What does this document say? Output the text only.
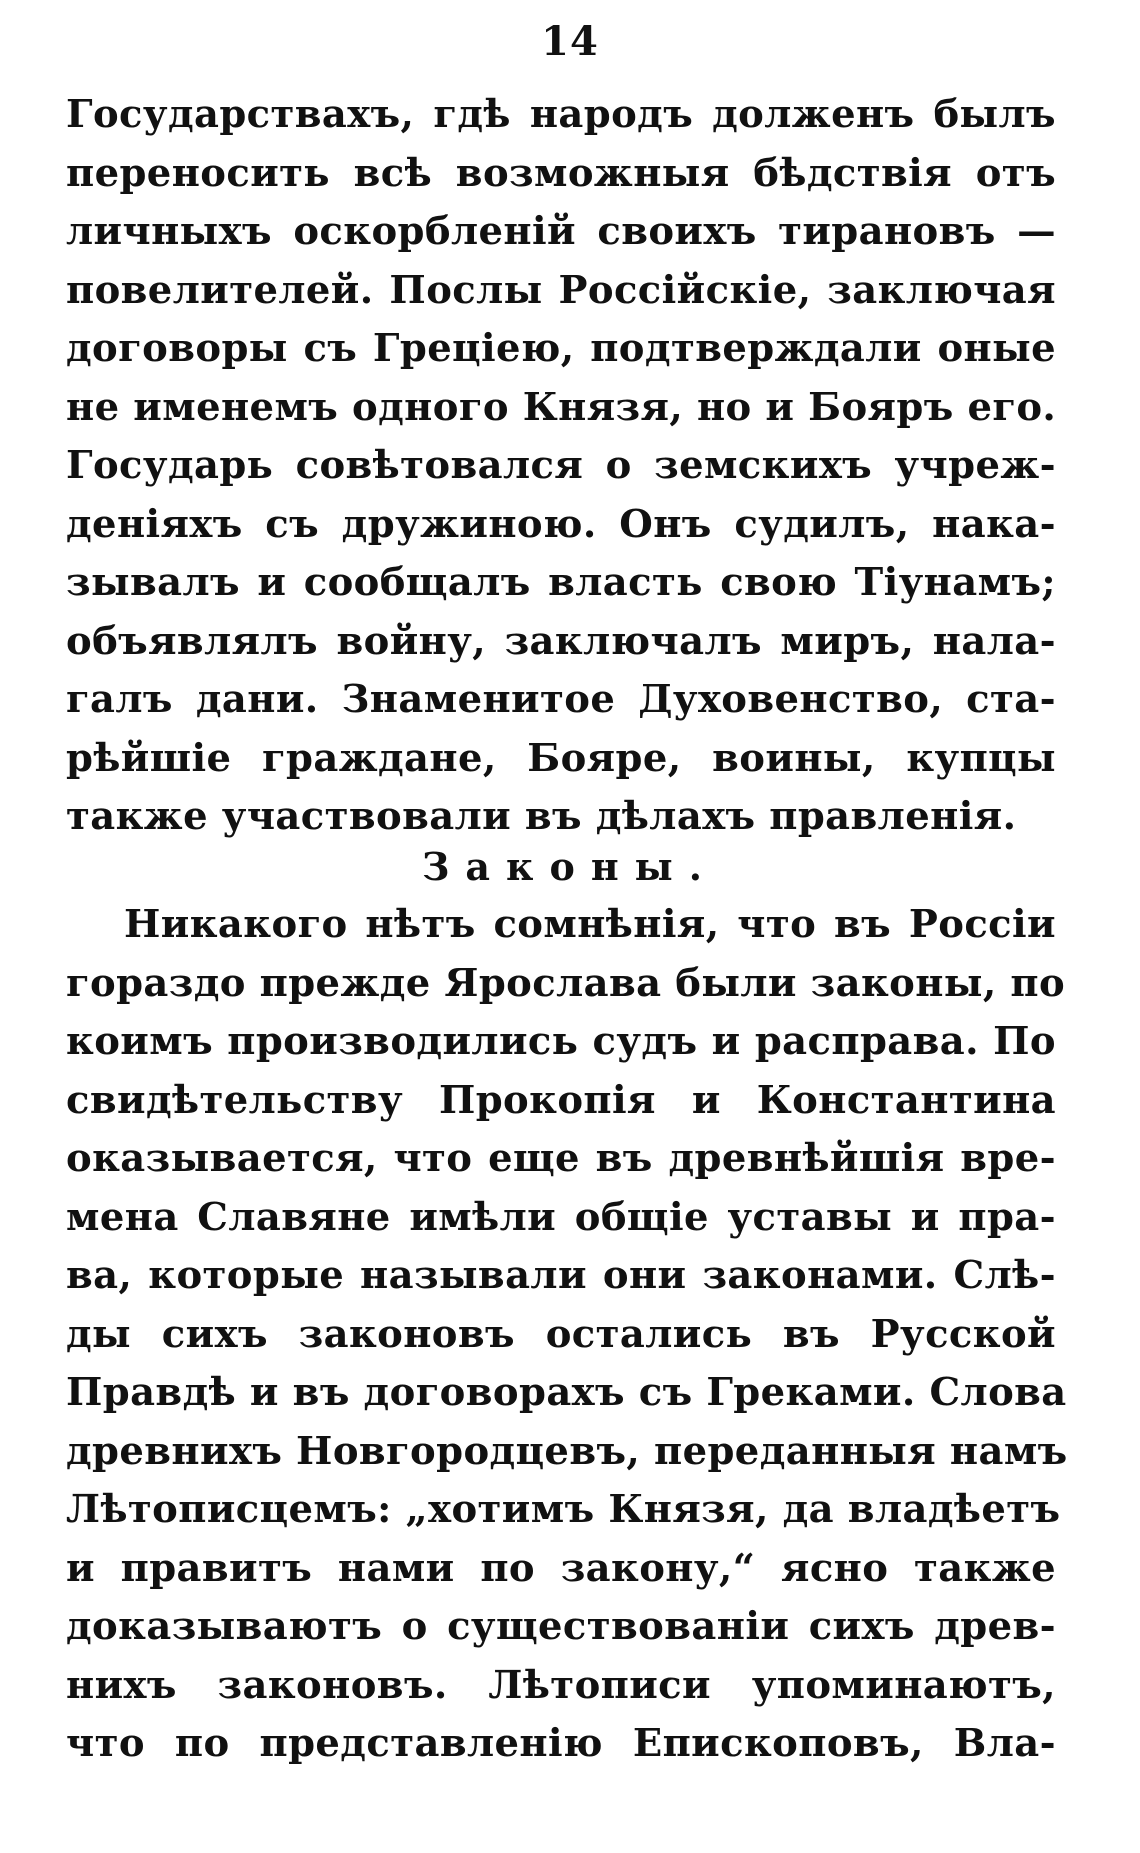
14
Государствахъ, гдѣ народъ долженъ былъ
переносить всѣ возможныя бѣдствія отъ
личныхъ оскорбленій своихъ тирановъ —
повелителей. Послы Россійскіе, заключая
договоры съ Греціею, подтверждали оные
не именемъ одного Князя, но и Бояръ его.
Государь совѣтовался о земскихъ учреж-
деніяхъ съ дружиною. Онъ судилъ, нака-
зывалъ и сообщалъ власть свою Тіунамъ;
объявлялъ войну, заключалъ миръ, нала-
галъ дани. Знаменитое Духовенство, ста-
рѣйшіе граждане, Бояре, воины, купцы
также участвовали въ дѣлахъ правленія.
Законы.
Никакого нѣтъ сомнѣнія, что въ Россіи
гораздо прежде Ярослава были законы, по
коимъ производились судъ и расправа. По
свидѣтельству Прокопія и Константина
оказывается, что еще въ древнѣйшія вре-
мена Славяне имѣли общіе уставы и пра-
ва, которые называли они законами. Слѣ-
ды сихъ законовъ остались въ Русской
Правдѣ и въ договорахъ съ Греками. Слова
древнихъ Новгородцевъ, переданныя намъ
Лѣтописцемъ: „хотимъ Князя, да владѣетъ
и правитъ нами по закону,“ ясно также
доказываютъ о существованіи сихъ древ-
нихъ законовъ. Лѣтописи упоминаютъ,
что по представленію Епископовъ, Вла-
